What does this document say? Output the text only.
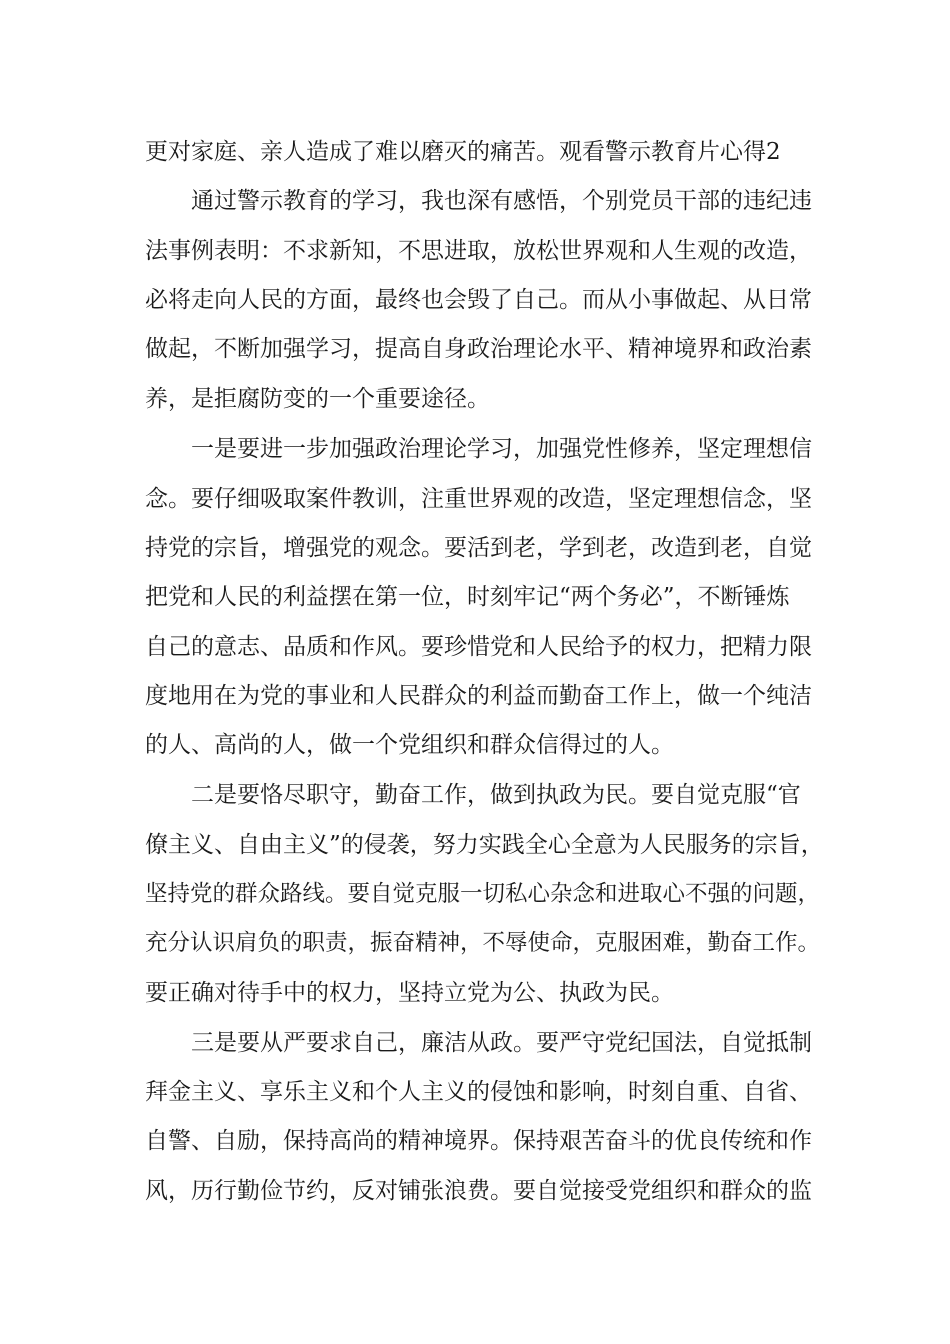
更对家庭、亲人造成了难以磨灭的痛苦。观看警示教育片心得2
通过警示教育的学习，我也深有感悟，个别党员干部的违纪违
法事例表明：不求新知，不思进取，放松世界观和人生观的改造，
必将走向人民的方面，最终也会毁了自己。而从小事做起、从日常
做起，不断加强学习，提高自身政治理论水平、精神境界和政治素
养，是拒腐防变的一个重要途径。
一是要进一步加强政治理论学习，加强党性修养，坚定理想信
念。要仔细吸取案件教训，注重世界观的改造，坚定理想信念，坚
持党的宗旨，增强党的观念。要活到老，学到老，改造到老，自觉
把党和人民的利益摆在第一位，时刻牢记“两个务必”，不断锤炼
自己的意志、品质和作风。要珍惜党和人民给予的权力，把精力限
度地用在为党的事业和人民群众的利益而勤奋工作上，做一个纯洁
的人、高尚的人，做一个党组织和群众信得过的人。
二是要恪尽职守，勤奋工作，做到执政为民。要自觉克服“官
僚主义、自由主义”的侵袭，努力实践全心全意为人民服务的宗旨，
坚持党的群众路线。要自觉克服一切私心杂念和进取心不强的问题，
充分认识肩负的职责，振奋精神，不辱使命，克服困难，勤奋工作。
要正确对待手中的权力，坚持立党为公、执政为民。
三是要从严要求自己，廉洁从政。要严守党纪国法，自觉抵制
拜金主义、享乐主义和个人主义的侵蚀和影响，时刻自重、自省、
自警、自励，保持高尚的精神境界。保持艰苦奋斗的优良传统和作
风，历行勤俭节约，反对铺张浪费。要自觉接受党组织和群众的监
